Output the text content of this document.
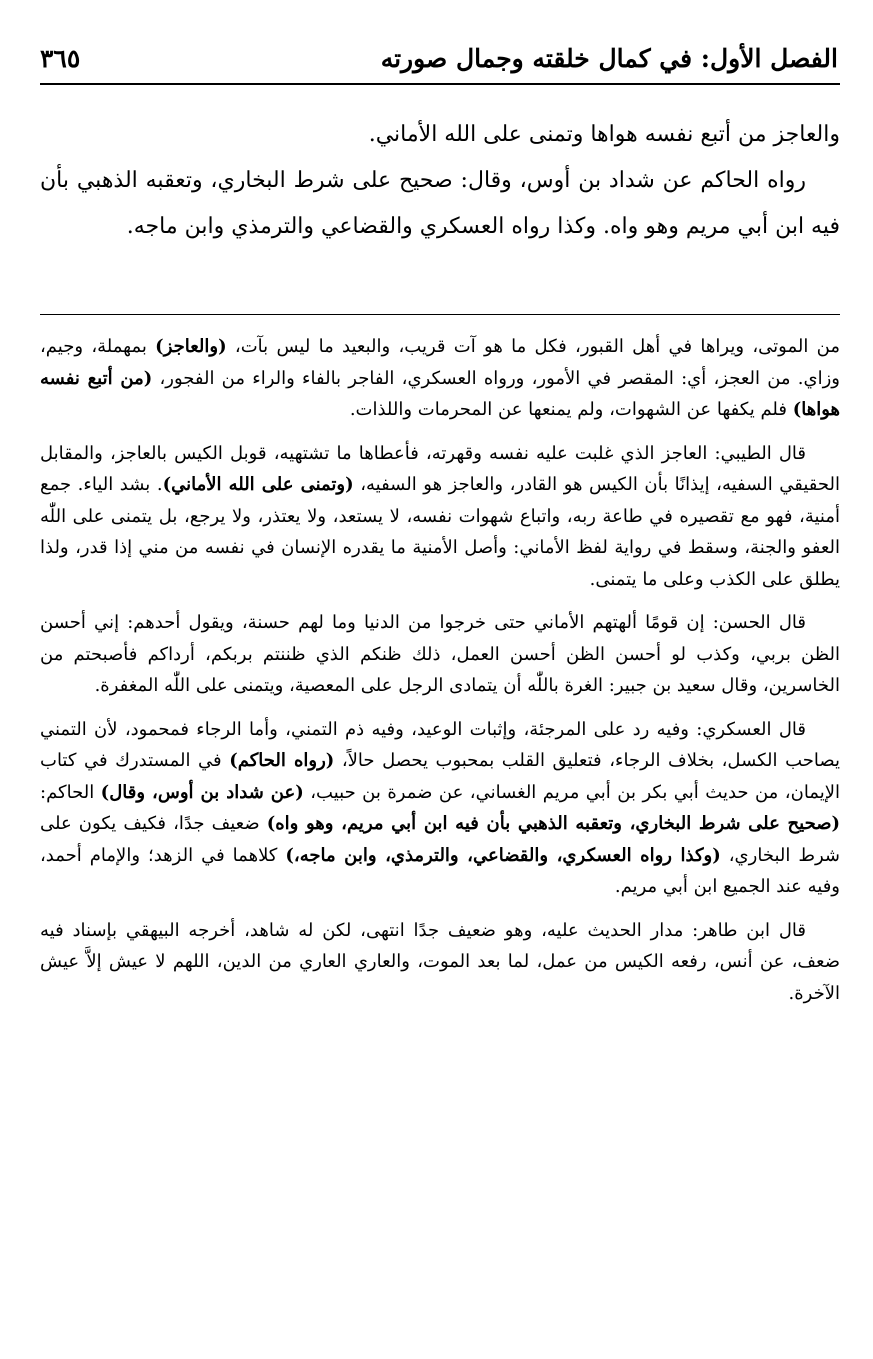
الفصل الأول: في كمال خلقته وجمال صورته
٣٦٥

والعاجز من أتبع نفسه هواها وتمنى على الله الأماني.

رواه الحاكم عن شداد بن أوس، وقال: صحيح على شرط البخاري، وتعقبه الذهبي بأن فيه ابن أبي مريم وهو واه. وكذا رواه العسكري والقضاعي والترمذي وابن ماجه.

من الموتى، ويراها في أهل القبور، فكل ما هو آت قريب، والبعيد ما ليس بآت، (والعاجز) بمهملة، وجيم، وزاي. من العجز، أي: المقصر في الأمور، ورواه العسكري، الفاجر بالفاء والراء من الفجور، (من أتبع نفسه هواها) فلم يكفها عن الشهوات، ولم يمنعها عن المحرمات واللذات.

قال الطيبي: العاجز الذي غلبت عليه نفسه وقهرته، فأعطاها ما تشتهيه، قوبل الكيس بالعاجز، والمقابل الحقيقي السفيه، إيذانًا بأن الكيس هو القادر، والعاجز هو السفيه، (وتمنى على الله الأماني). بشد الياء. جمع أمنية، فهو مع تقصيره في طاعة ربه، واتباع شهوات نفسه، لا يستعد، ولا يعتذر، ولا يرجع، بل يتمنى على اللّٰه العفو والجنة، وسقط في رواية لفظ الأماني: وأصل الأمنية ما يقدره الإنسان في نفسه من مني إذا قدر، ولذا يطلق على الكذب وعلى ما يتمنى.

قال الحسن: إن قومًا ألهتهم الأماني حتى خرجوا من الدنيا وما لهم حسنة، ويقول أحدهم: إني أحسن الظن بربي، وكذب لو أحسن الظن أحسن العمل، ذلك ظنكم الذي ظننتم بربكم، أرداكم فأصبحتم من الخاسرين، وقال سعيد بن جبير: الغرة باللّٰه أن يتمادى الرجل على المعصية، ويتمنى على اللّٰه المغفرة.

قال العسكري: وفيه رد على المرجئة، وإثبات الوعيد، وفيه ذم التمني، وأما الرجاء فمحمود، لأن التمني يصاحب الكسل، بخلاف الرجاء، فتعليق القلب بمحبوب يحصل حالاً، (رواه الحاكم) في المستدرك في كتاب الإيمان، من حديث أبي بكر بن أبي مريم الغساني، عن ضمرة بن حبيب، (عن شداد بن أوس، وقال) الحاكم: (صحيح على شرط البخاري، وتعقبه الذهبي بأن فيه ابن أبي مريم، وهو واه) ضعيف جدًا، فكيف يكون على شرط البخاري، (وكذا رواه العسكري، والقضاعي، والترمذي، وابن ماجه،) كلاهما في الزهد؛ والإمام أحمد، وفيه عند الجميع ابن أبي مريم.

قال ابن طاهر: مدار الحديث عليه، وهو ضعيف جدًا انتهى، لكن له شاهد، أخرجه البيهقي بإسناد فيه ضعف، عن أنس، رفعه الكيس من عمل، لما بعد الموت، والعاري العاري من الدين، اللهم لا عيش إلاَّ عيش الآخرة.
